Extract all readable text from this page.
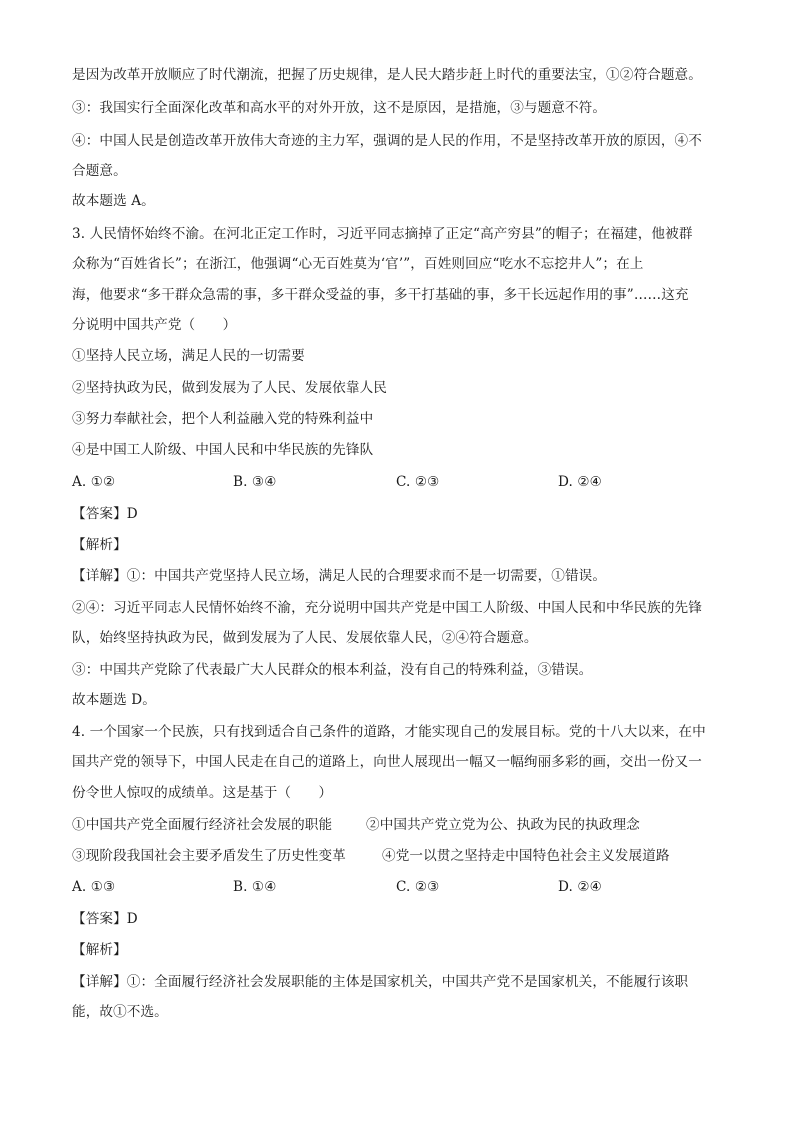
是因为改革开放顺应了时代潮流，把握了历史规律，是人民大踏步赶上时代的重要法宝，①②符合题意。
③：我国实行全面深化改革和高水平的对外开放，这不是原因，是措施，③与题意不符。
④：中国人民是创造改革开放伟大奇迹的主力军，强调的是人民的作用，不是坚持改革开放的原因，④不
合题意。
故本题选 A。
3. 人民情怀始终不渝。在河北正定工作时，习近平同志摘掉了正定“高产穷县”的帽子；在福建，他被群
众称为“百姓省长”；在浙江，他强调“心无百姓莫为‘官’”，百姓则回应“吃水不忘挖井人”；在上
海，他要求“多干群众急需的事，多干群众受益的事，多干打基础的事，多干长远起作用的事”……这充
分说明中国共产党（　　）
①坚持人民立场，满足人民的一切需要
②坚持执政为民，做到发展为了人民、发展依靠人民
③努力奉献社会，把个人利益融入党的特殊利益中
④是中国工人阶级、中国人民和中华民族的先锋队
A. ①②	B. ③④	C. ②③	D. ②④
【答案】D
【解析】
【详解】①：中国共产党坚持人民立场，满足人民的合理要求而不是一切需要，①错误。
②④：习近平同志人民情怀始终不渝，充分说明中国共产党是中国工人阶级、中国人民和中华民族的先锋
队，始终坚持执政为民，做到发展为了人民、发展依靠人民，②④符合题意。
③：中国共产党除了代表最广大人民群众的根本利益，没有自己的特殊利益，③错误。
故本题选 D。
4. 一个国家一个民族，只有找到适合自己条件的道路，才能实现自己的发展目标。党的十八大以来，在中
国共产党的领导下，中国人民走在自己的道路上，向世人展现出一幅又一幅绚丽多彩的画，交出一份又一
份令世人惊叹的成绩单。这是基于（　　）
①中国共产党全面履行经济社会发展的职能	②中国共产党立党为公、执政为民的执政理念
③现阶段我国社会主要矛盾发生了历史性变革	④党一以贯之坚持走中国特色社会主义发展道路
A. ①③	B. ①④	C. ②③	D. ②④
【答案】D
【解析】
【详解】①：全面履行经济社会发展职能的主体是国家机关，中国共产党不是国家机关，不能履行该职
能，故①不选。
